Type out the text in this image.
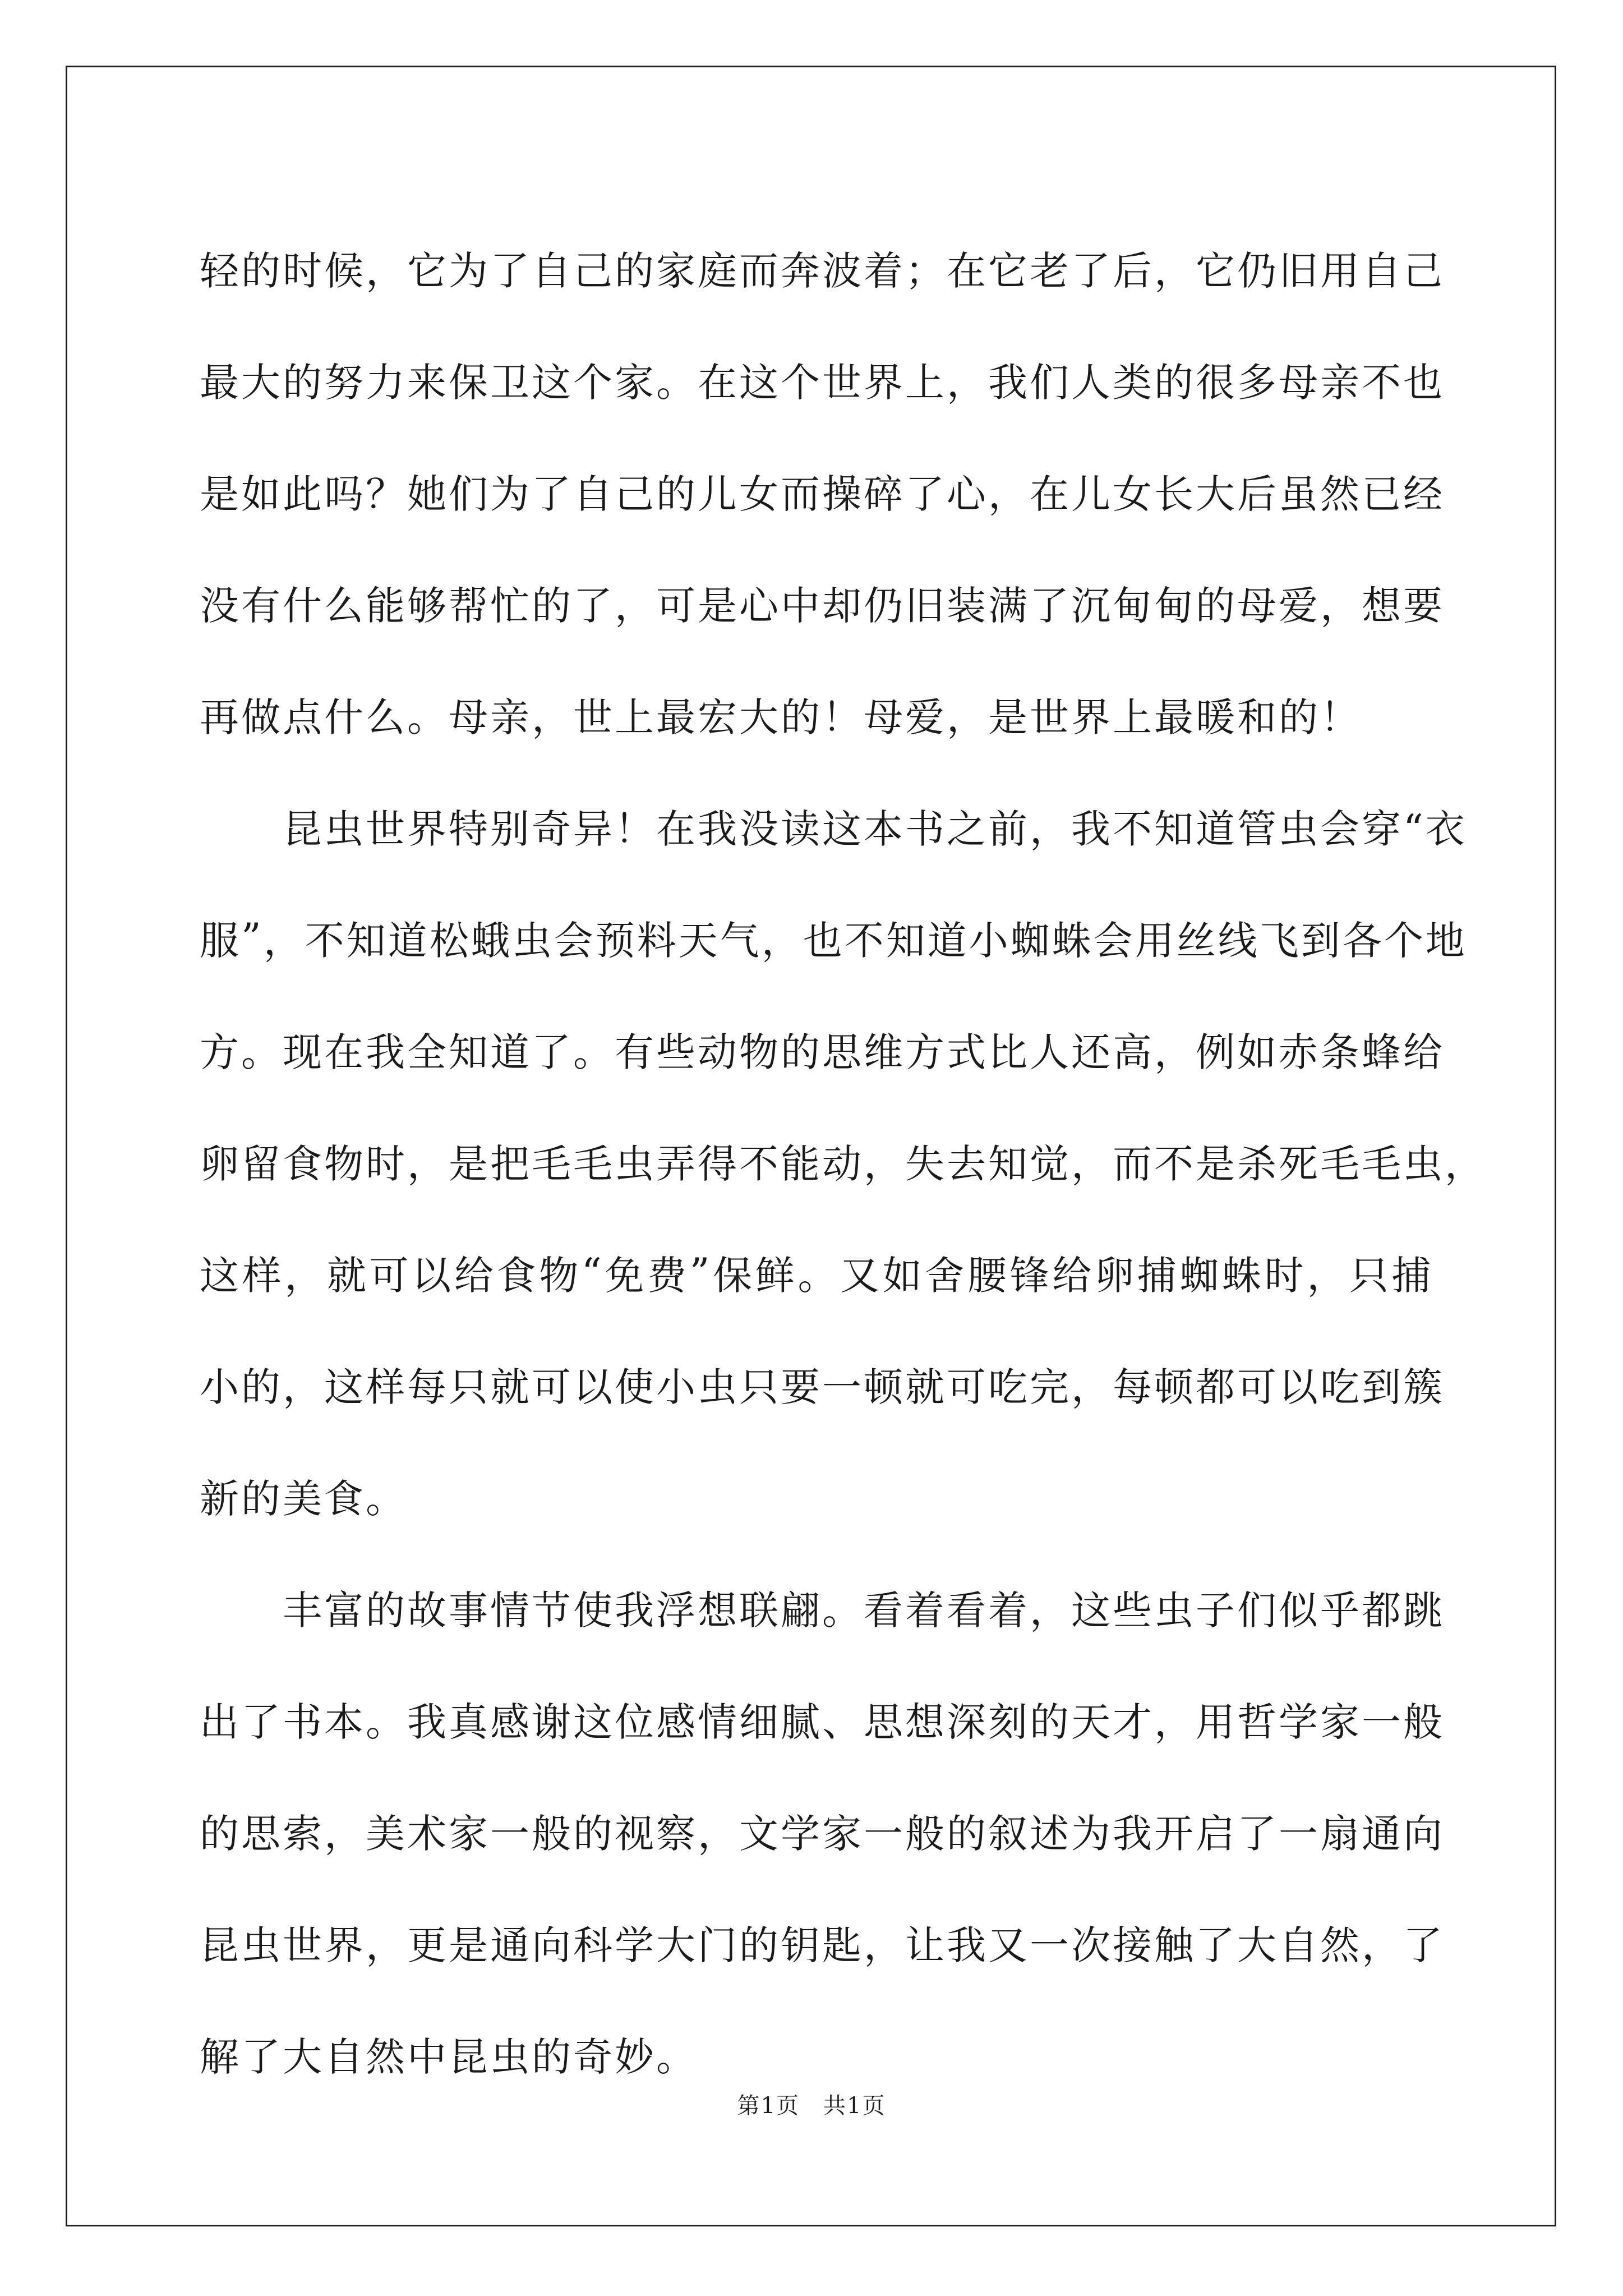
轻 的 时 候 ， 它 为 了 自 己 的 家 庭 而 奔 波 着 ； 在 它 老 了 后 ， 它 仍 旧 用 自 己
最 大 的 努 力 来 保 卫 这 个 家 。 在 这 个 世 界 上 ， 我 们 人 类 的 很 多 母 亲 不 也
是 如 此 吗 ？ 她 们 为 了 自 己 的 儿 女 而 操 碎 了 心 ， 在 儿 女 长 大 后 虽 然 已 经
没 有 什 么 能 够 帮 忙 的 了 ， 可 是 心 中 却 仍 旧 装 满 了 沉 甸 甸 的 母 爱 ， 想 要
再做点什么。母亲，世上最宏大的！母爱，是世界上最暖和的！
昆虫世界特别奇异！在我没读这本书之前，我不知道管虫会穿“衣
服 ” ， 不 知 道 松 蛾 虫 会 预 料 天 气 ， 也 不 知 道 小 蜘 蛛 会 用 丝 线 飞 到 各 个 地
方 。 现 在 我 全 知 道 了 。 有 些 动 物 的 思 维 方 式 比 人 还 高 ， 例 如 赤 条 蜂 给
卵 留 食 物 时 ， 是 把 毛 毛 虫 弄 得 不 能 动 ， 失 去 知 觉 ， 而 不 是 杀 死 毛 毛 虫 ，
这 样 ， 就 可 以 给 食 物 “ 免 费 ” 保 鲜 。 又 如 舍 腰 锋 给 卵 捕 蜘 蛛 时 ， 只 捕
小 的 ， 这 样 每 只 就 可 以 使 小 虫 只 要 一 顿 就 可 吃 完 ， 每 顿 都 可 以 吃 到 簇
新的美食。
丰富的故事情节使我浮想联翩。看着看着，这些虫子们似乎都跳
出 了 书 本 。 我 真 感 谢 这 位 感 情 细 腻 、 思 想 深 刻 的 天 才 ， 用 哲 学 家 一 般
的 思 索 ， 美 术 家 一 般 的 视 察 ， 文 学 家 一 般 的 叙 述 为 我 开 启 了 一 扇 通 向
昆 虫 世 界 ， 更 是 通 向 科 学 大 门 的 钥 匙 ， 让 我 又 一 次 接 触 了 大 自 然 ， 了
解了大自然中昆虫的奇妙。
第1页　共1页
